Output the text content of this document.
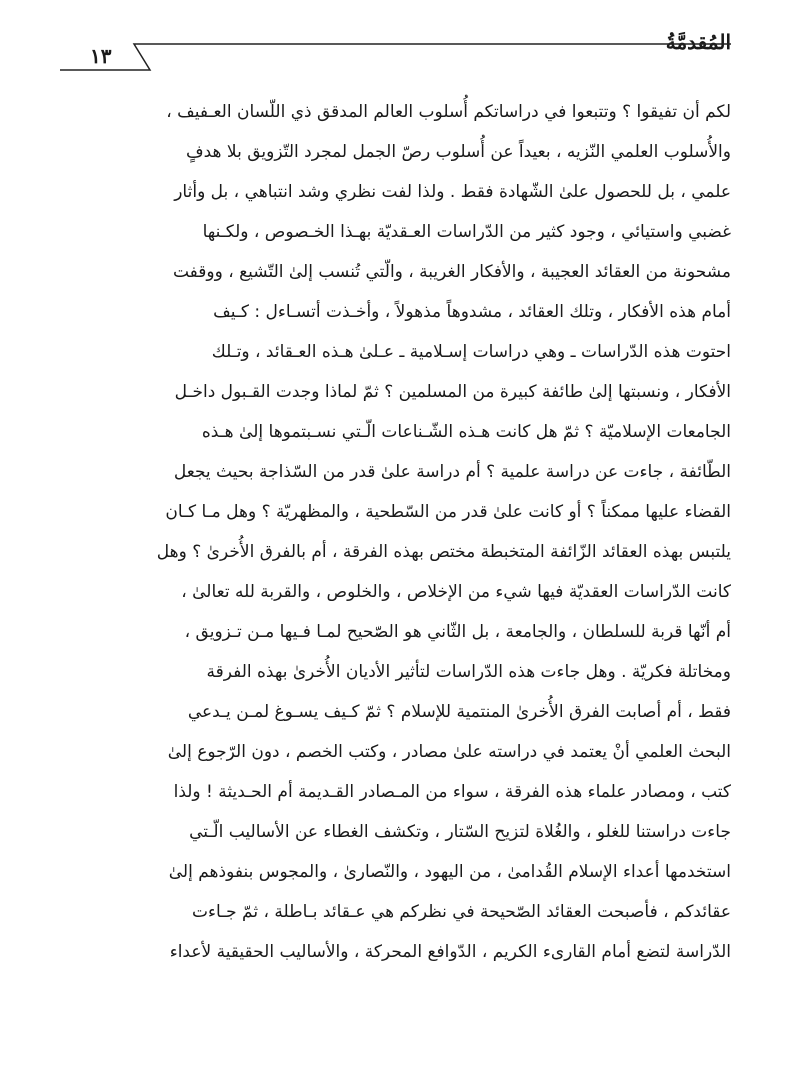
المُقدمَّةُ
١٣
لكم أن تفيقوا ؟ وتتبعوا في دراساتكم أُسلوب العالم المدقق ذي اللّسان العـفيف ،
والأُسلوب العلمي النّزيه ، بعيداً عن أُسلوب رصّ الجمل لمجرد التّزويق بلا هدفٍ
علمي ، بل للحصول علىٰ الشّهادة فقط . ولذا لفت نظري وشد انتباهي ، بل وأثار
غضبي واستيائي ، وجود كثير من الدّراسات العـقديّة بهـذا الخـصوص ، ولكـنها
مشحونة من العقائد العجيبة ، والأفكار الغريبة ، والّتي تُنسب إلىٰ التّشيع ، ووقفت
أمام هذه الأفكار ، وتلك العقائد ، مشدوهاً مذهولاً ، وأخـذت أتسـاءل : كـيف
احتوت هذه الدّراسات ـ وهي دراسات إسـلامية ـ عـلىٰ هـذه العـقائد ، وتـلك
الأفكار ، ونسبتها إلىٰ طائفة كبيرة من المسلمين ؟ ثمّ لماذا وجدت القـبول داخـل
الجامعات الإسلاميّة ؟ ثمّ هل كانت هـذه الشّـناعات الّـتي نسـبتموها إلىٰ هـذه
الطّائفة ، جاءت عن دراسة علمية ؟ أم دراسة علىٰ قدر من السّذاجة بحيث يجعل
القضاء عليها ممكناً ؟ أو كانت علىٰ قدر من السّطحية ، والمظهريّة ؟ وهل مـا كـان
يلتبس بهذه العقائد الزّائفة المتخبطة مختص بهذه الفرقة ، أم بالفرق الأُخرىٰ ؟ وهل
كانت الدّراسات العقديّة فيها شيء من الإخلاص ، والخلوص ، والقربة لله تعالىٰ ،
أم أنّها قربة للسلطان ، والجامعة ، بل الثّاني هو الصّحيح لمـا فـيها مـن تـزويق ،
ومخاتلة فكريّة . وهل جاءت هذه الدّراسات لتأثير الأديان الأُخرىٰ بهذه الفرقة
فقط ، أم أصابت الفرق الأُخرىٰ المنتمية للإسلام ؟ ثمّ كـيف يسـوغ لمـن يـدعي
البحث العلمي أنْ يعتمد في دراسته علىٰ مصادر ، وكتب الخصم ، دون الرّجوع إلىٰ
كتب ، ومصادر علماء هذه الفرقة ، سواء من المـصادر القـديمة أم الحـديثة ! ولذا
جاءت دراستنا للغلو ، والغُلاة لتزيح السّتار ، وتكشف الغطاء عن الأساليب الّـتي
استخدمها أعداء الإسلام القُدامىٰ ، من اليهود ، والنّصارىٰ ، والمجوس بنفوذهم إلىٰ
عقائدكم ، فأصبحت العقائد الصّحيحة في نظركم هي عـقائد بـاطلة ، ثمّ جـاءت
الدّراسة لتضع أمام القارىء الكريم ، الدّوافع المحركة ، والأساليب الحقيقية لأعداء
